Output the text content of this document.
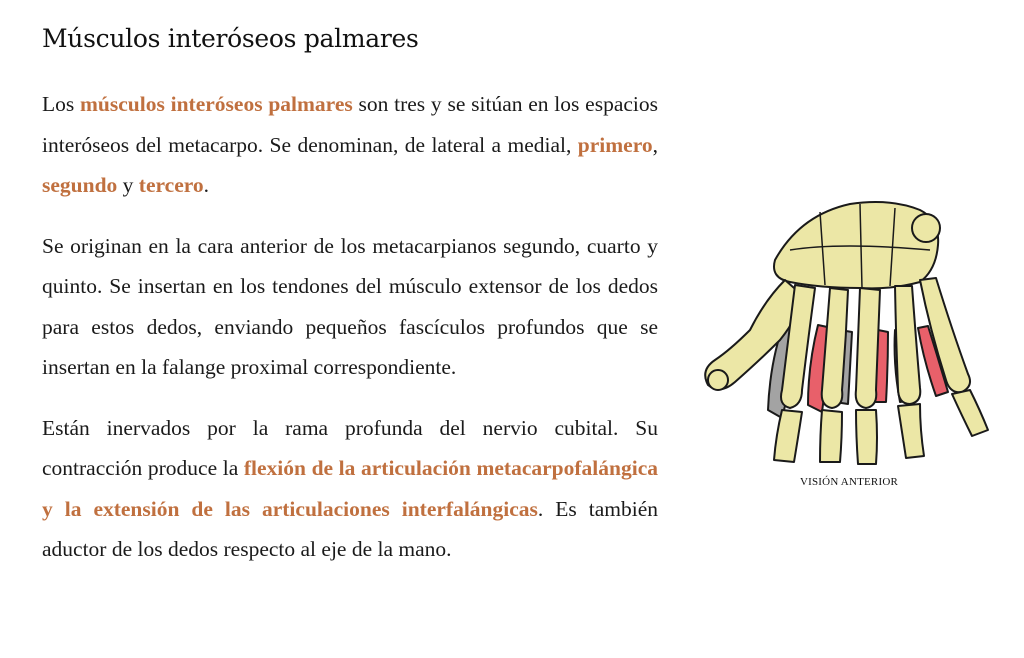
Músculos interóseos palmares

Los músculos interóseos palmares son tres y se sitúan en los espacios interóseos del metacarpo. Se denominan, de lateral a medial, primero, segundo y tercero.

Se originan en la cara anterior de los metacarpianos segundo, cuarto y quinto. Se insertan en los tendones del músculo extensor de los dedos para estos dedos, enviando pequeños fascículos profundos que se insertan en la falange proximal correspondiente.

Están inervados por la rama profunda del nervio cubital. Su contracción produce la flexión de la articulación metacarpofalángica y la extensión de las articulaciones interfalángicas. Es también aductor de los dedos respecto al eje de la mano.

VISIÓN ANTERIOR
